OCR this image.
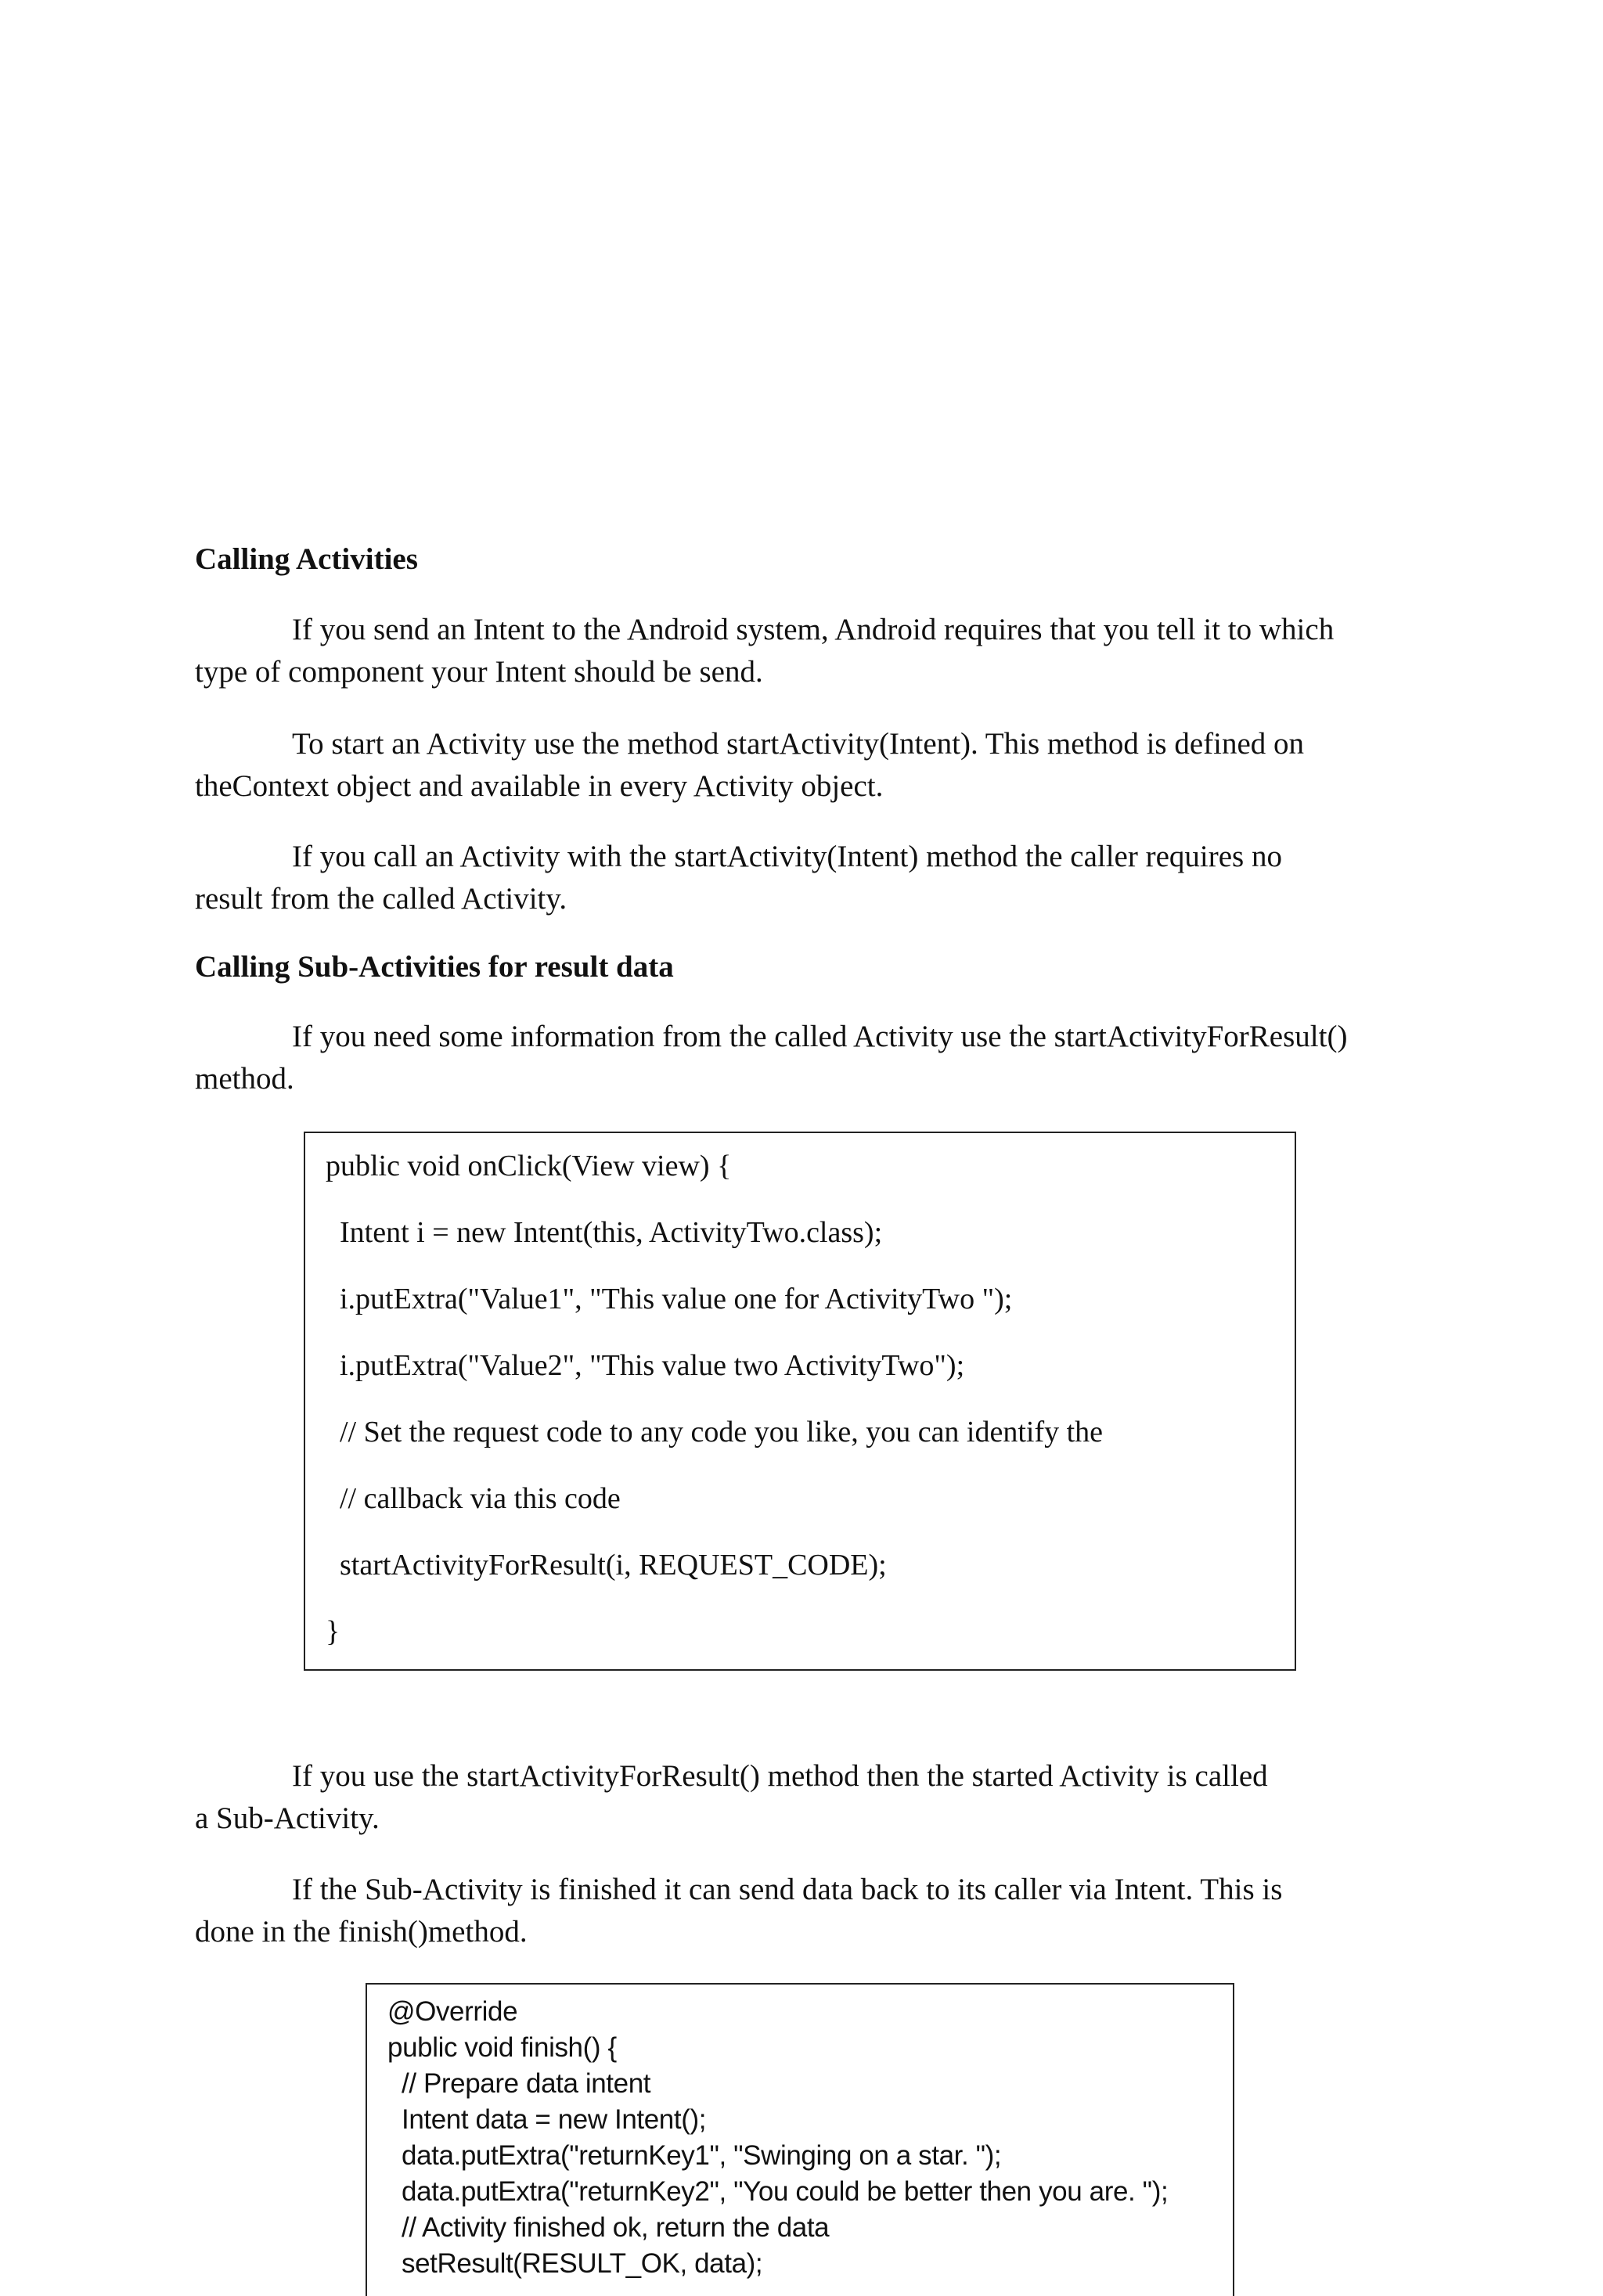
Calling Activities
If you send an Intent to the Android system, Android requires that you tell it to which
type of component your Intent should be send.
To start an Activity use the method startActivity(Intent). This method is defined on
theContext object and available in every Activity object.
If you call an Activity with the startActivity(Intent) method the caller requires no
result from the called Activity.
Calling Sub-Activities for result data
If you need some information from the called Activity use the startActivityForResult()
method.
public void onClick(View view) {
Intent i = new Intent(this, ActivityTwo.class);
i.putExtra("Value1", "This value one for ActivityTwo ");
i.putExtra("Value2", "This value two ActivityTwo");
// Set the request code to any code you like, you can identify the
// callback via this code
startActivityForResult(i, REQUEST_CODE);
}
If you use the startActivityForResult() method then the started Activity is called
a Sub-Activity.
If the Sub-Activity is finished it can send data back to its caller via Intent. This is
done in the finish()method.
@Override
public void finish() {
// Prepare data intent
Intent data = new Intent();
data.putExtra("returnKey1", "Swinging on a star. ");
data.putExtra("returnKey2", "You could be better then you are. ");
// Activity finished ok, return the data
setResult(RESULT_OK, data);
